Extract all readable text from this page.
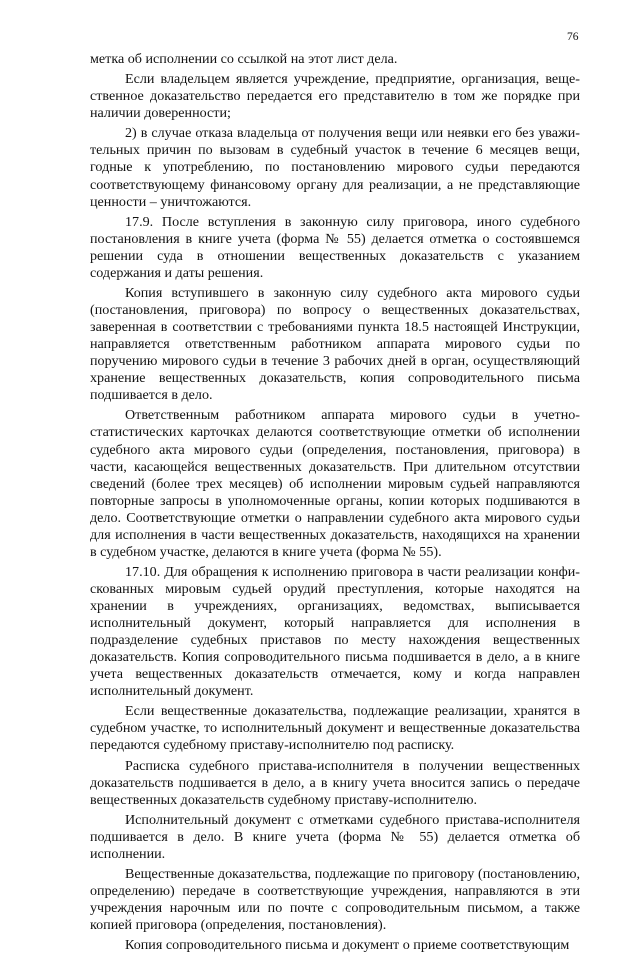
76

метка об исполнении со ссылкой на этот лист дела.

Если владельцем является учреждение, предприятие, организация, вещественное доказательство передается его представителю в том же порядке при наличии доверенности;

2) в случае отказа владельца от получения вещи или неявки его без уважительных причин по вызовам в судебный участок в течение 6 месяцев вещи, годные к употреблению, по постановлению мирового судьи передаются соответствующему финансовому органу для реализации, а не представляющие ценности – уничтожаются.

17.9. После вступления в законную силу приговора, иного судебного постановления в книге учета (форма № 55) делается отметка о состоявшемся решении суда в отношении вещественных доказательств с указанием содержания и даты решения.

Копия вступившего в законную силу судебного акта мирового судьи (постановления, приговора) по вопросу о вещественных доказательствах, заверенная в соответствии с требованиями пункта 18.5 настоящей Инструкции, направляется ответственным работником аппарата мирового судьи по поручению мирового судьи в течение 3 рабочих дней в орган, осуществляющий хранение вещественных доказательств, копия сопроводительного письма подшивается в дело.

Ответственным работником аппарата мирового судьи в учетно-статистических карточках делаются соответствующие отметки об исполнении судебного акта мирового судьи (определения, постановления, приговора) в части, касающейся вещественных доказательств. При длительном отсутствии сведений (более трех месяцев) об исполнении мировым судьей направляются повторные запросы в уполномоченные органы, копии которых подшиваются в дело. Соответствующие отметки о направлении судебного акта мирового судьи для исполнения в части вещественных доказательств, находящихся на хранении в судебном участке, делаются в книге учета (форма № 55).

17.10. Для обращения к исполнению приговора в части реализации конфискованных мировым судьей орудий преступления, которые находятся на хранении в учреждениях, организациях, ведомствах, выписывается исполнительный документ, который направляется для исполнения в подразделение судебных приставов по месту нахождения вещественных доказательств. Копия сопроводительного письма подшивается в дело, а в книге учета вещественных доказательств отмечается, кому и когда направлен исполнительный документ.

Если вещественные доказательства, подлежащие реализации, хранятся в судебном участке, то исполнительный документ и вещественные доказательства передаются судебному приставу-исполнителю под расписку.

Расписка судебного пристава-исполнителя в получении вещественных доказательств подшивается в дело, а в книгу учета вносится запись о передаче вещественных доказательств судебному приставу-исполнителю.

Исполнительный документ с отметками судебного пристава-исполнителя подшивается в дело. В книге учета (форма № 55) делается отметка об исполнении.

Вещественные доказательства, подлежащие по приговору (постановлению, определению) передаче в соответствующие учреждения, направляются в эти учреждения нарочным или по почте с сопроводительным письмом, а также копией приговора (определения, постановления).

Копия сопроводительного письма и документ о приеме соответствующим
